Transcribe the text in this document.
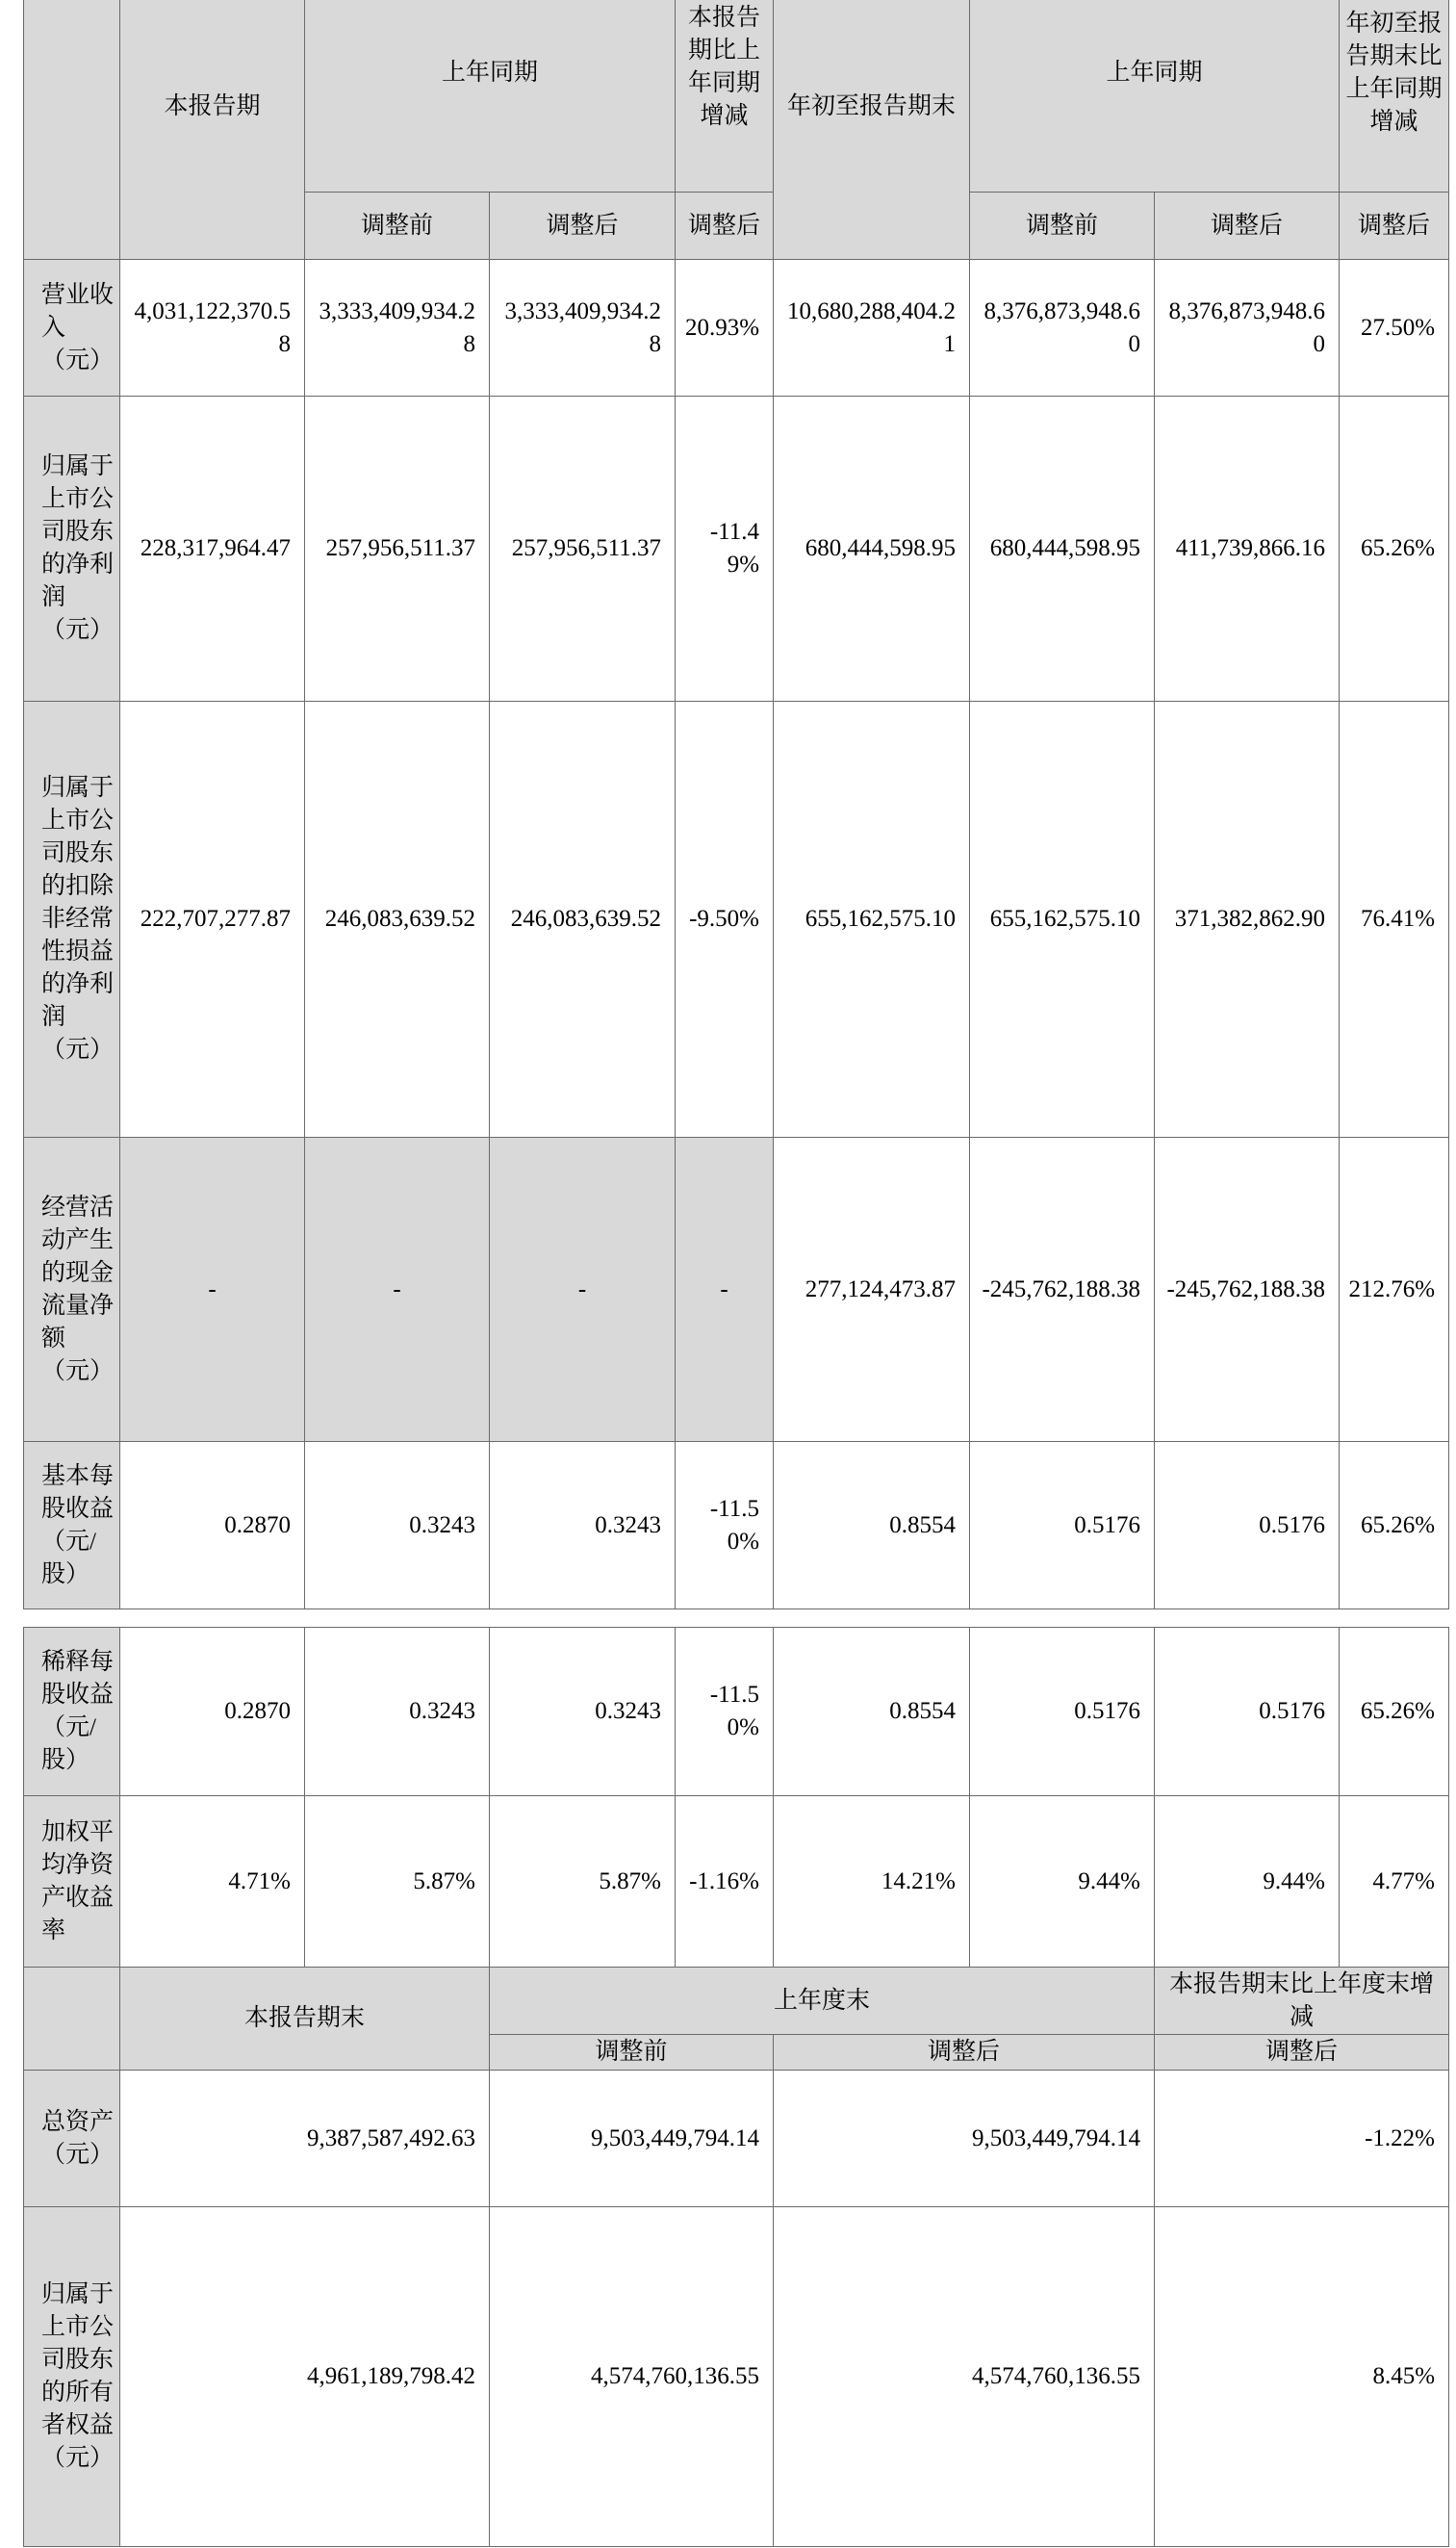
	本报告期	上年同期		本报告期比上年同期增减	年初至报告期末	上年同期		年初至报告期末比上年同期增减
		调整前	调整后	调整后		调整前	调整后	调整后
营业收入（元）	4,031,122,370.58	3,333,409,934.28	3,333,409,934.28	20.93%	10,680,288,404.21	8,376,873,948.60	8,376,873,948.60	27.50%
归属于上市公司股东的净利润（元）	228,317,964.47	257,956,511.37	257,956,511.37	-11.49%	680,444,598.95	680,444,598.95	411,739,866.16	65.26%
归属于上市公司股东的扣除非经常性损益的净利润（元）	222,707,277.87	246,083,639.52	246,083,639.52	-9.50%	655,162,575.10	655,162,575.10	371,382,862.90	76.41%
经营活动产生的现金流量净额（元）	-	-	-	-	277,124,473.87	-245,762,188.38	-245,762,188.38	212.76%
基本每股收益（元/股）	0.2870	0.3243	0.3243	-11.50%	0.8554	0.5176	0.5176	65.26%
稀释每股收益（元/股）	0.2870	0.3243	0.3243	-11.50%	0.8554	0.5176	0.5176	65.26%
加权平均净资产收益率	4.71%	5.87%	5.87%	-1.16%	14.21%	9.44%	9.44%	4.77%
	本报告期末	上年度末		本报告期末比上年度末增减
		调整前	调整后	调整后
总资产（元）	9,387,587,492.63	9,503,449,794.14	9,503,449,794.14	-1.22%
归属于上市公司股东的所有者权益（元）	4,961,189,798.42	4,574,760,136.55	4,574,760,136.55	8.45%
